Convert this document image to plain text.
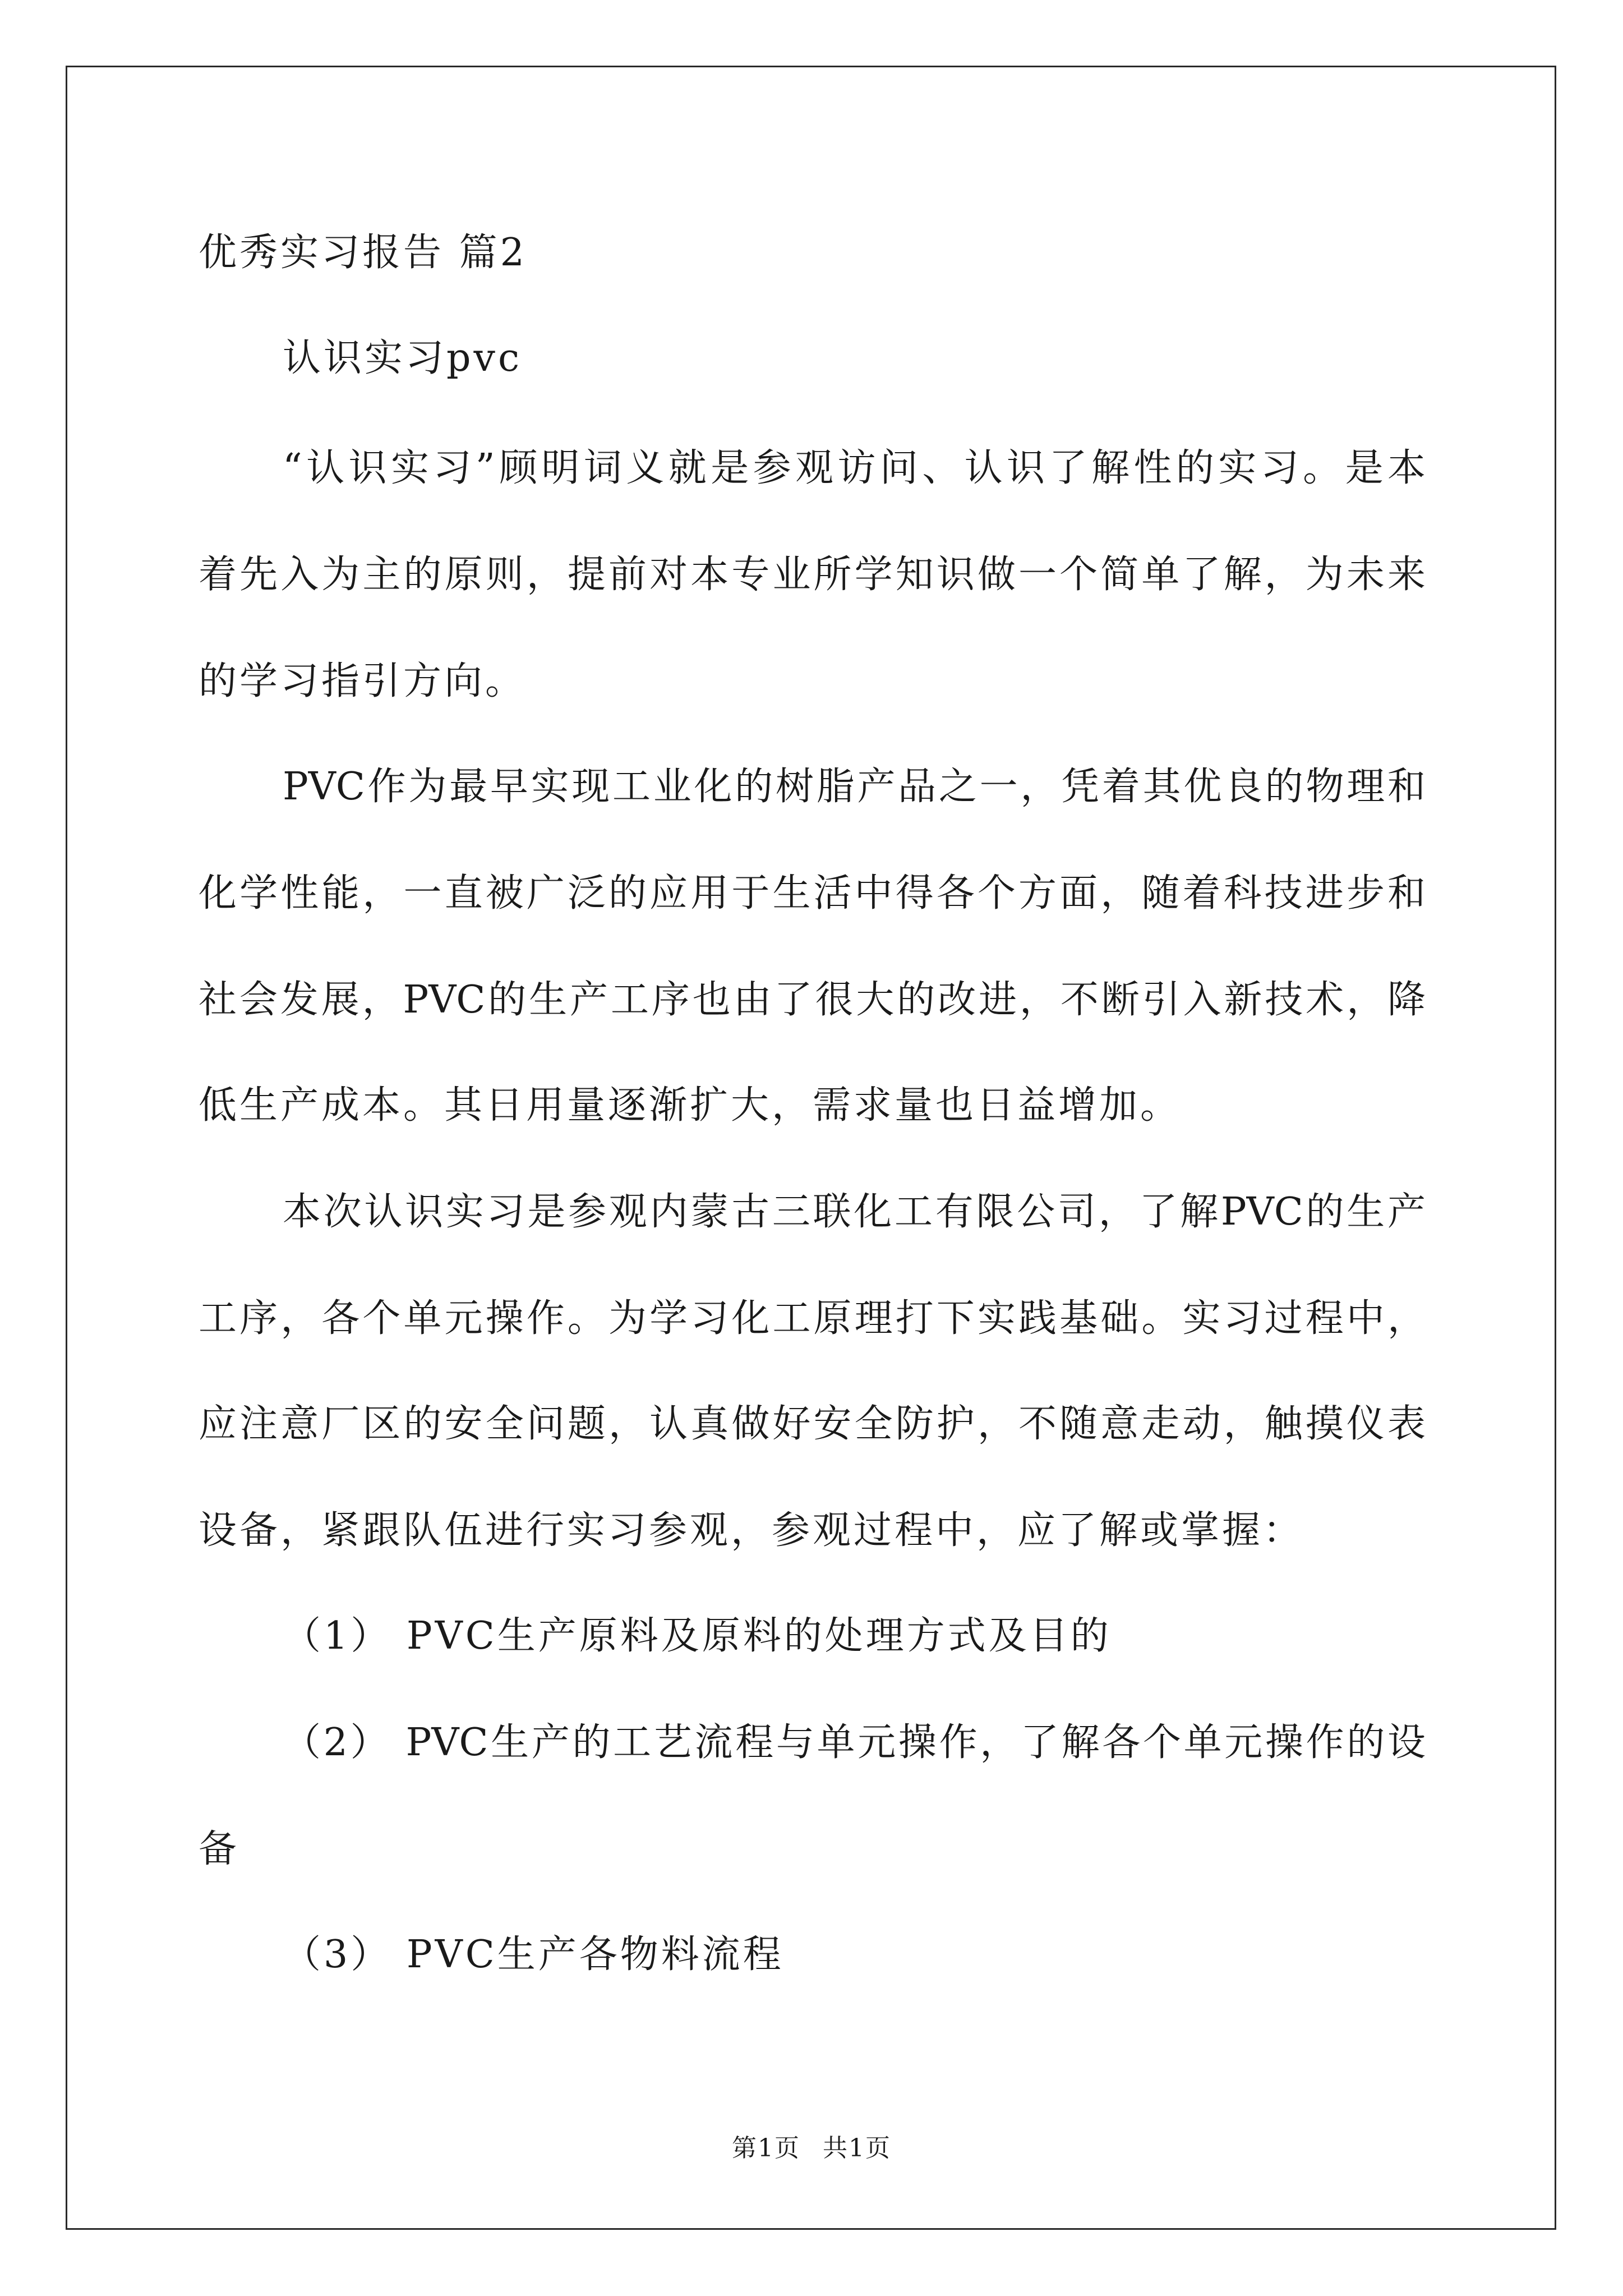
优秀实习报告 篇2
认识实习pvc
“认识实习”顾明词义就是参观访问、认识了解性的实习。是本
着先入为主的原则，提前对本专业所学知识做一个简单了解，为未来
的学习指引方向。
PVC作为最早实现工业化的树脂产品之一，凭着其优良的物理和
化学性能，一直被广泛的应用于生活中得各个方面，随着科技进步和
社会发展，PVC的生产工序也由了很大的改进，不断引入新技术，降
低生产成本。其日用量逐渐扩大，需求量也日益增加。
本次认识实习是参观内蒙古三联化工有限公司，了解PVC的生产
工序，各个单元操作。为学习化工原理打下实践基础。实习过程中，
应注意厂区的安全问题，认真做好安全防护，不随意走动，触摸仪表
设备，紧跟队伍进行实习参观，参观过程中，应了解或掌握：
（1） PVC生产原料及原料的处理方式及目的
（2） PVC生产的工艺流程与单元操作，了解各个单元操作的设
备
（3） PVC生产各物料流程
第1页 共1页
